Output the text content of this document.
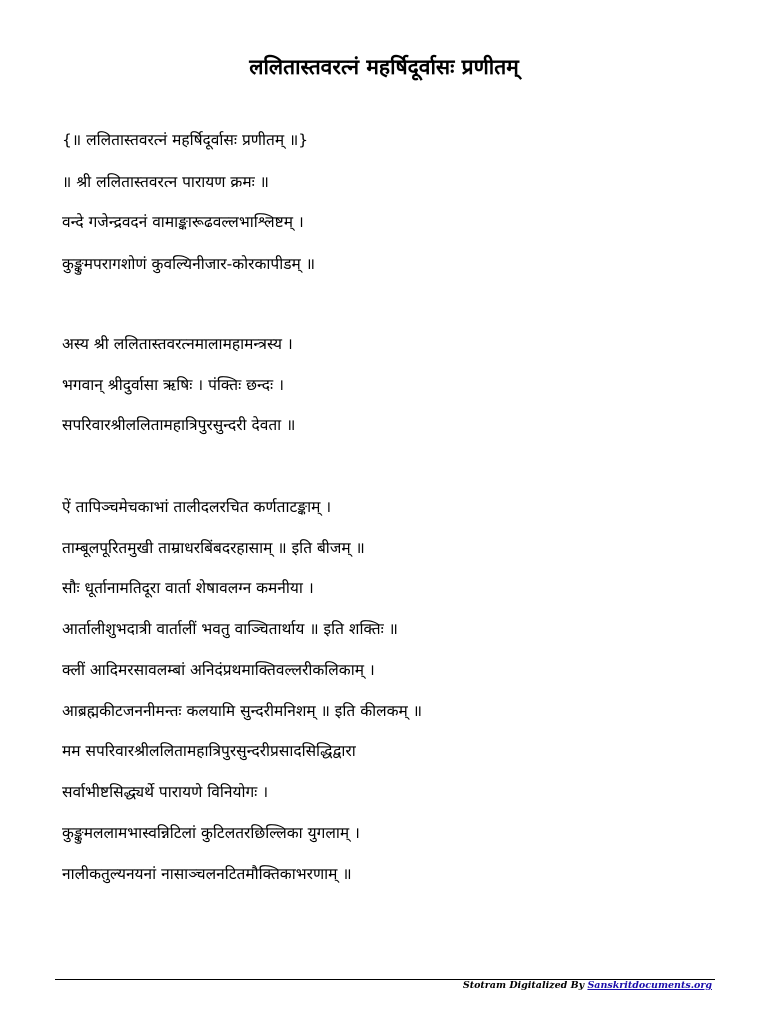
ललितास्तवरत्नं महर्षिदूर्वासः प्रणीतम्
{॥ ललितास्तवरत्नं महर्षिदूर्वासः प्रणीतम् ॥}
॥ श्री ललितास्तवरत्न पारायण क्रमः ॥
वन्दे गजेन्द्रवदनं वामाङ्कारूढवल्लभाश्लिष्टम् ।
कुङ्कुमपरागशोणं कुवल्यिनीजार-कोरकापीडम् ॥
अस्य श्री ललितास्तवरत्नमालामहामन्त्रस्य ।
भगवान् श्रीदुर्वासा ऋषिः । पंक्तिः छन्दः ।
सपरिवारश्रीललितामहात्रिपुरसुन्दरी देवता ॥
ऐं तापिञ्चमेचकाभां तालीदलरचित कर्णताटङ्काम् ।
ताम्बूलपूरितमुखी ताम्राधरबिंबदरहासाम् ॥ इति बीजम् ॥
सौः धूर्तानामतिदूरा वार्ता शेषावलग्न कमनीया ।
आर्तालीशुभदात्री वार्तालीं भवतु वाञ्चितार्थाय ॥ इति शक्तिः ॥
क्लीं आदिमरसावलम्बां अनिदंप्रथमाक्तिवल्लरीकलिकाम् ।
आब्रह्मकीटजननीमन्तः कलयामि सुन्दरीमनिशम् ॥ इति कीलकम् ॥
मम सपरिवारश्रीललितामहात्रिपुरसुन्दरीप्रसादसिद्धिद्वारा
सर्वाभीष्टसिद्ध्यर्थे पारायणे विनियोगः ।
कुङ्कुमललामभास्वन्निटिलां कुटिलतरछिल्लिका युगलाम् ।
नालीकतुल्यनयनां नासाञ्चलनटितमौक्तिकाभरणाम् ॥
Stotram Digitalized By Sanskritdocuments.org
